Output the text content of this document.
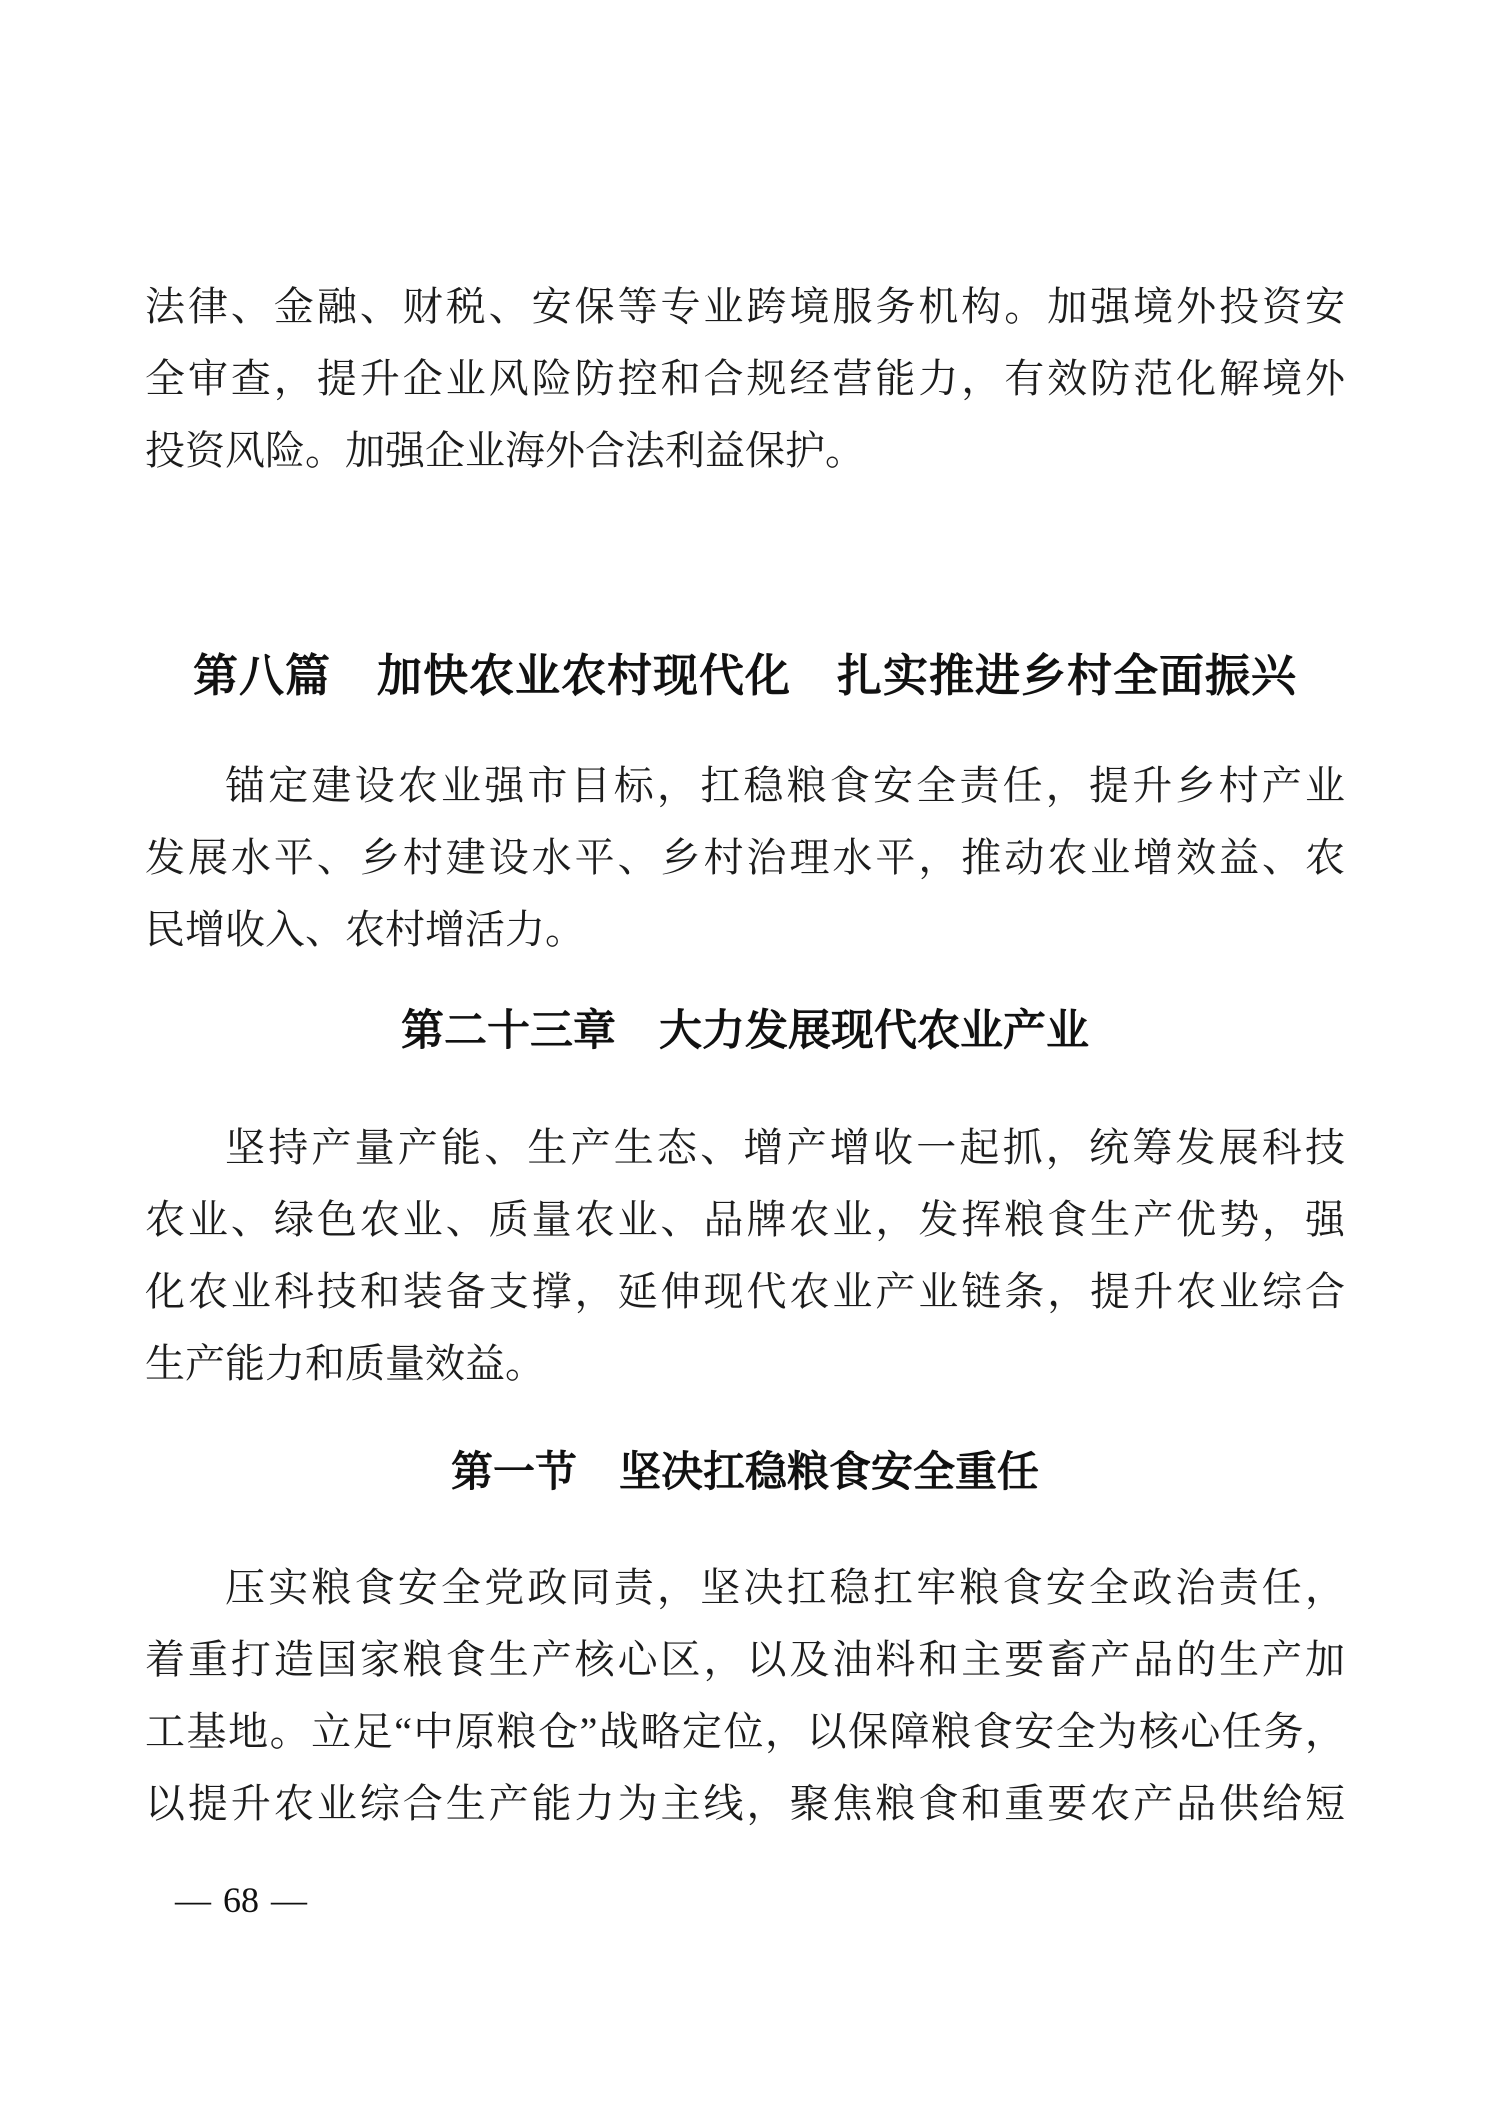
法律、金融、财税、安保等专业跨境服务机构。加强境外投资安
全审查，提升企业风险防控和合规经营能力，有效防范化解境外
投资风险。加强企业海外合法利益保护。
第八篇　加快农业农村现代化　扎实推进乡村全面振兴
锚定建设农业强市目标，扛稳粮食安全责任，提升乡村产业
发展水平、乡村建设水平、乡村治理水平，推动农业增效益、农
民增收入、农村增活力。
第二十三章　大力发展现代农业产业
坚持产量产能、生产生态、增产增收一起抓，统筹发展科技
农业、绿色农业、质量农业、品牌农业，发挥粮食生产优势，强
化农业科技和装备支撑，延伸现代农业产业链条，提升农业综合
生产能力和质量效益。
第一节　坚决扛稳粮食安全重任
压实粮食安全党政同责，坚决扛稳扛牢粮食安全政治责任，
着重打造国家粮食生产核心区，以及油料和主要畜产品的生产加
工基地。立足“中原粮仓”战略定位，以保障粮食安全为核心任务，
以提升农业综合生产能力为主线，聚焦粮食和重要农产品供给短
— 68 —
